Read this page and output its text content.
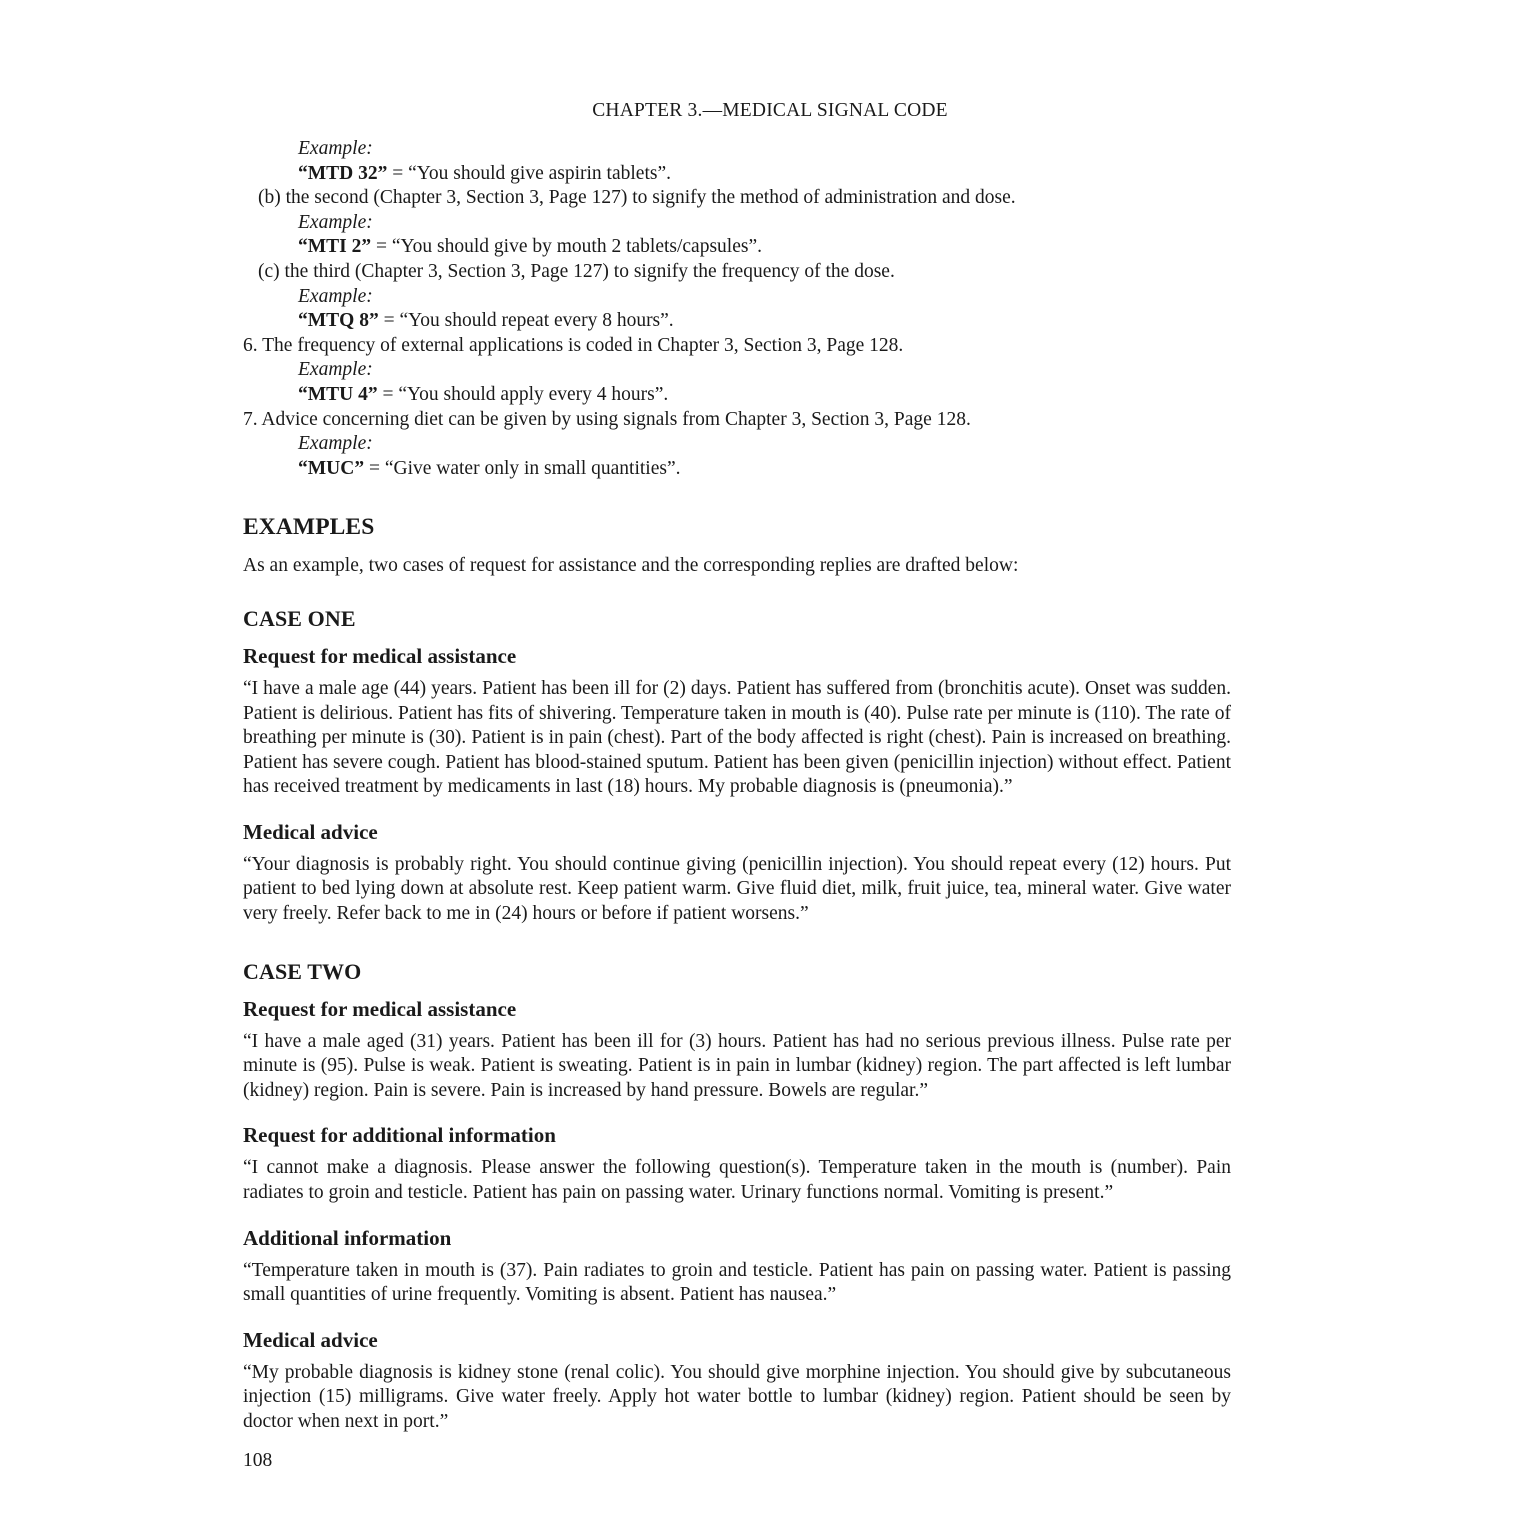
CHAPTER 3.—MEDICAL SIGNAL CODE
Example:
“MTD 32” = “You should give aspirin tablets”.
(b) the second (Chapter 3, Section 3, Page 127) to signify the method of administration and dose.
Example:
“MTI 2” = “You should give by mouth 2 tablets/capsules”.
(c) the third (Chapter 3, Section 3, Page 127) to signify the frequency of the dose.
Example:
“MTQ 8” = “You should repeat every 8 hours”.
6. The frequency of external applications is coded in Chapter 3, Section 3, Page 128.
Example:
“MTU 4” = “You should apply every 4 hours”.
7. Advice concerning diet can be given by using signals from Chapter 3, Section 3, Page 128.
Example:
“MUC” = “Give water only in small quantities”.
EXAMPLES

As an example, two cases of request for assistance and the corresponding replies are drafted below:

CASE ONE
Request for medical assistance

“I have a male age (44) years. Patient has been ill for (2) days. Patient has suffered from (bronchitis acute). Onset was sudden. Patient is delirious. Patient has fits of shivering. Temperature taken in mouth is (40). Pulse rate per minute is (110). The rate of breathing per minute is (30). Patient is in pain (chest). Part of the body affected is right (chest). Pain is increased on breathing. Patient has severe cough. Patient has blood-stained sputum. Patient has been given (penicillin injection) without effect. Patient has received treatment by medicaments in last (18) hours. My probable diagnosis is (pneumonia).”

Medical advice

“Your diagnosis is probably right. You should continue giving (penicillin injection). You should repeat every (12) hours. Put patient to bed lying down at absolute rest. Keep patient warm. Give fluid diet, milk, fruit juice, tea, mineral water. Give water very freely. Refer back to me in (24) hours or before if patient worsens.”

CASE TWO
Request for medical assistance

“I have a male aged (31) years. Patient has been ill for (3) hours. Patient has had no serious previous illness. Pulse rate per minute is (95). Pulse is weak. Patient is sweating. Patient is in pain in lumbar (kidney) region. The part affected is left lumbar (kidney) region. Pain is severe. Pain is increased by hand pressure. Bowels are regular.”

Request for additional information

“I cannot make a diagnosis. Please answer the following question(s). Temperature taken in the mouth is (number). Pain radiates to groin and testicle. Patient has pain on passing water. Urinary functions normal. Vomiting is present.”

Additional information

“Temperature taken in mouth is (37). Pain radiates to groin and testicle. Patient has pain on passing water. Patient is passing small quantities of urine frequently. Vomiting is absent. Patient has nausea.”

Medical advice

“My probable diagnosis is kidney stone (renal colic). You should give morphine injection. You should give by subcutaneous injection (15) milligrams. Give water freely. Apply hot water bottle to lumbar (kidney) region. Patient should be seen by doctor when next in port.”

108
